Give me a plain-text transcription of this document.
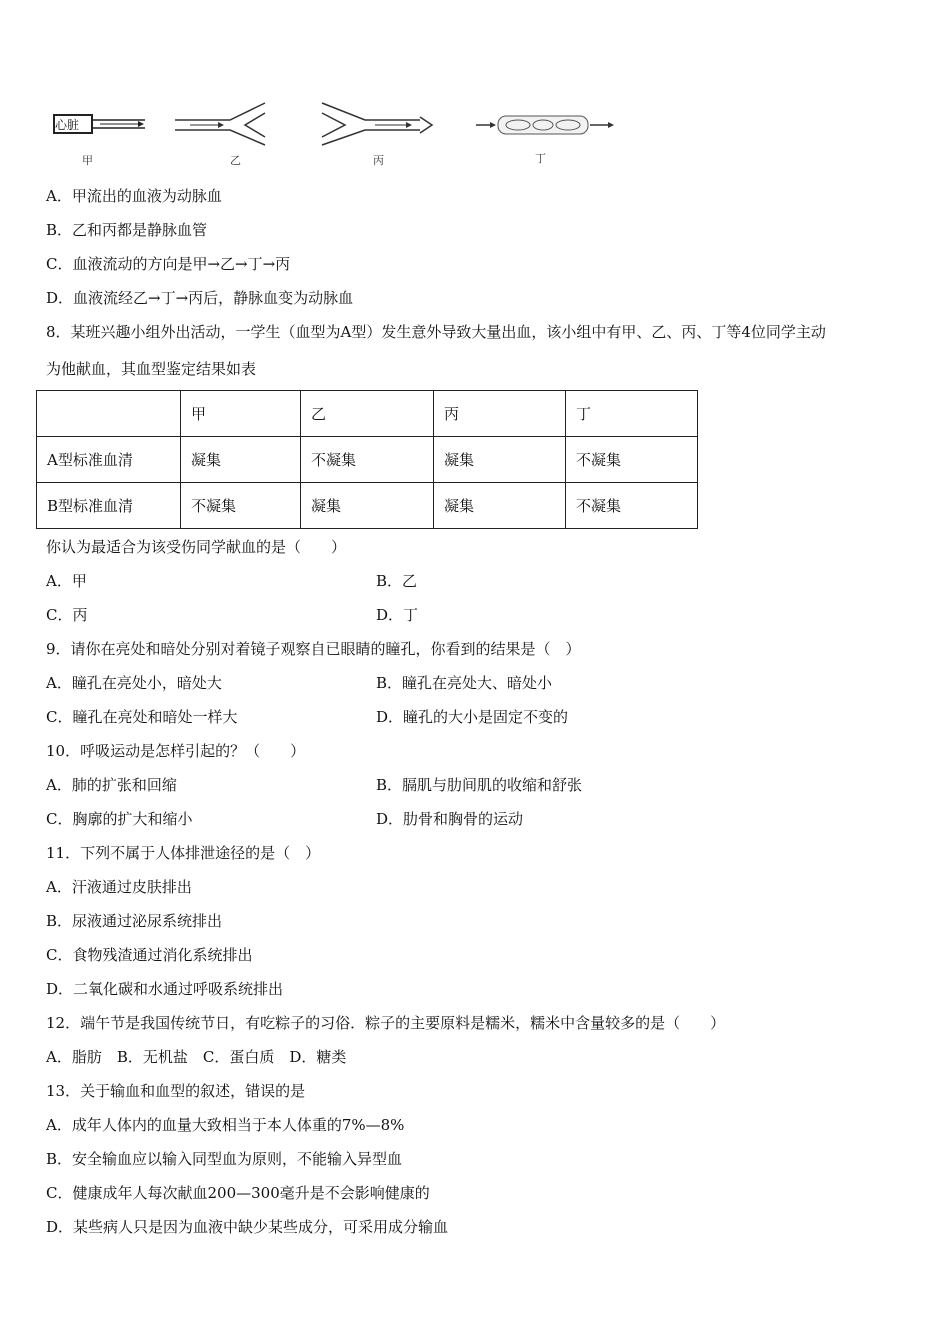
心脏
甲	乙	丙	丁
A．甲流出的血液为动脉血
B．乙和丙都是静脉血管
C．血液流动的方向是甲→乙→丁→丙
D．血液流经乙→丁→丙后，静脉血变为动脉血
8．某班兴趣小组外出活动，一学生（血型为A型）发生意外导致大量出血，该小组中有甲、乙、丙、丁等4位同学主动
为他献血，其血型鉴定结果如表
	甲	乙	丙	丁
A型标准血清	凝集	不凝集	凝集	不凝集
B型标准血清	不凝集	凝集	凝集	不凝集
你认为最适合为该受伤同学献血的是（　　）
A．甲	B．乙
C．丙	D．丁
9．请你在亮处和暗处分别对着镜子观察自已眼睛的瞳孔，你看到的结果是（　）
A．瞳孔在亮处小，暗处大	B．瞳孔在亮处大、暗处小
C．瞳孔在亮处和暗处一样大	D．瞳孔的大小是固定不变的
10．呼吸运动是怎样引起的？（　　）
A．肺的扩张和回缩	B．膈肌与肋间肌的收缩和舒张
C．胸廓的扩大和缩小	D．肋骨和胸骨的运动
11．下列不属于人体排泄途径的是（　）
A．汗液通过皮肤排出
B．尿液通过泌尿系统排出
C．食物残渣通过消化系统排出
D．二氧化碳和水通过呼吸系统排出
12．端午节是我国传统节日，有吃粽子的习俗．粽子的主要原料是糯米，糯米中含量较多的是（　　）
A．脂肪　B．无机盐　C．蛋白质　D．糖类
13．关于输血和血型的叙述，错误的是
A．成年人体内的血量大致相当于本人体重的7%—8%
B．安全输血应以输入同型血为原则，不能输入异型血
C．健康成年人每次献血200—300毫升是不会影响健康的
D．某些病人只是因为血液中缺少某些成分，可采用成分输血
